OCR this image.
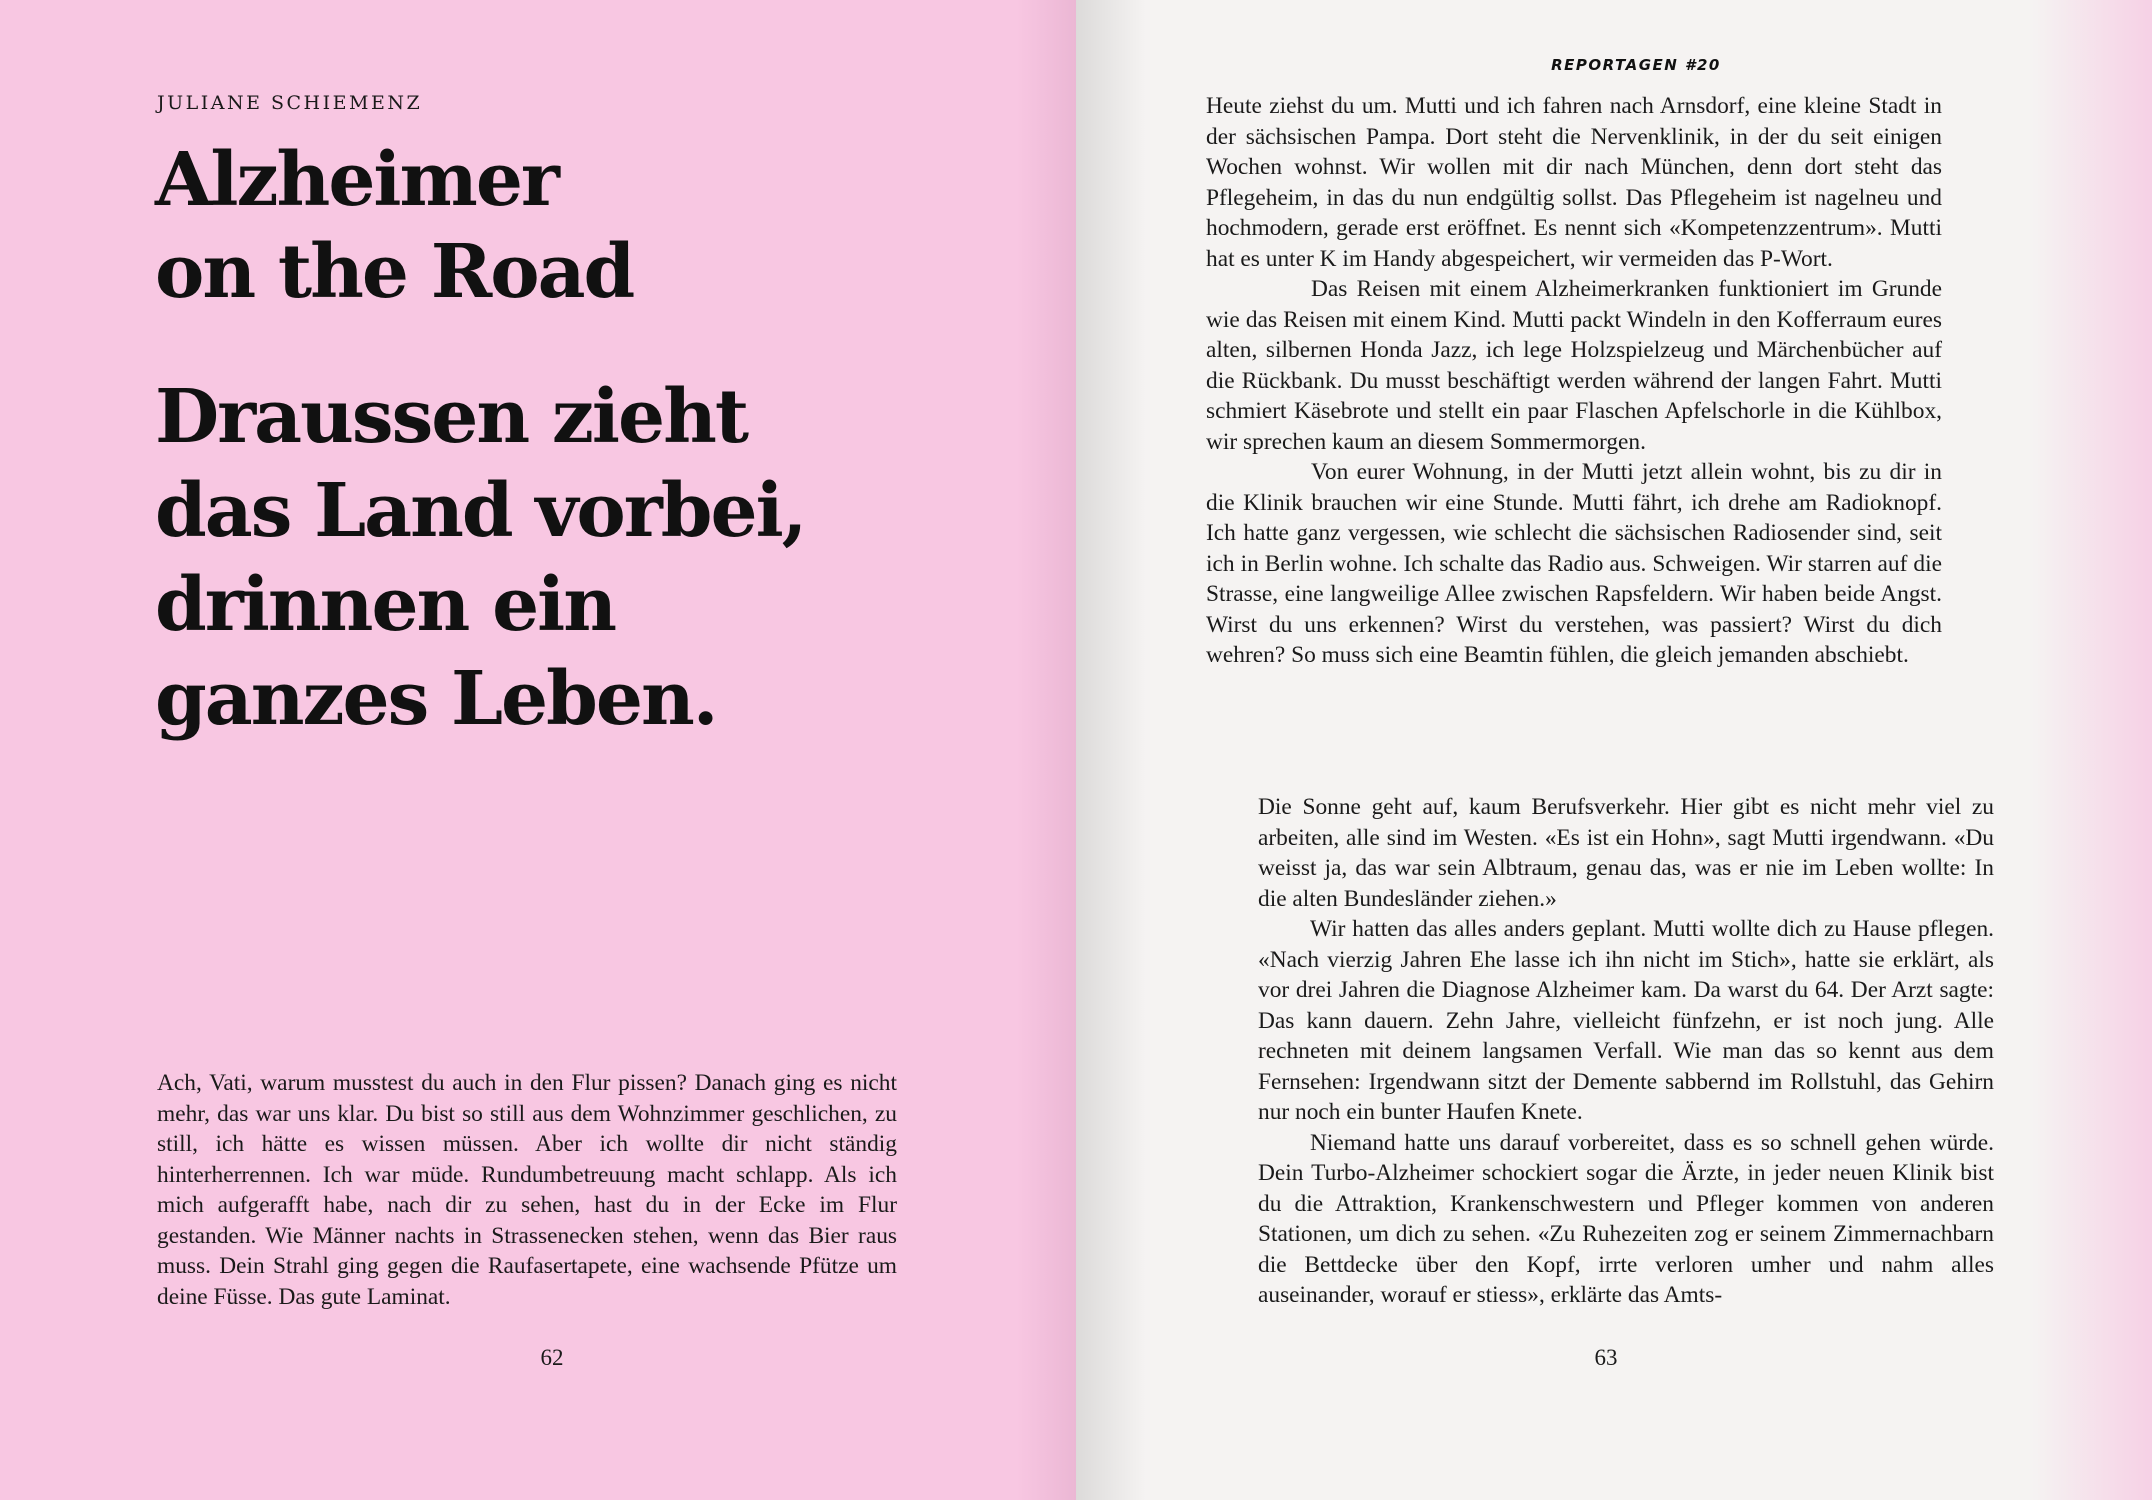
JULIANE SCHIEMENZ
Alzheimer
on the Road
Draussen zieht
das Land vorbei,
drinnen ein
ganzes Leben.

Ach, Vati, warum musstest du auch in den Flur pissen? Danach ging es nicht mehr, das war uns klar. Du bist so still aus dem Wohnzimmer geschlichen, zu still, ich hätte es wissen müssen. Aber ich wollte dir nicht ständig hinterherrennen. Ich war müde. Rundumbetreuung macht schlapp. Als ich mich aufgerafft habe, nach dir zu sehen, hast du in der Ecke im Flur gestanden. Wie Männer nachts in Strassenecken stehen, wenn das Bier raus muss. Dein Strahl ging gegen die Raufasertapete, eine wachsende Pfütze um deine Füsse. Das gute Laminat.

62
REPORTAGEN #20

Heute ziehst du um. Mutti und ich fahren nach Arnsdorf, eine kleine Stadt in der sächsischen Pampa. Dort steht die Nervenklinik, in der du seit einigen Wochen wohnst. Wir wollen mit dir nach München, denn dort steht das Pflegeheim, in das du nun endgültig sollst. Das Pflegeheim ist nagelneu und hochmodern, gerade erst eröffnet. Es nennt sich «Kompetenzzentrum». Mutti hat es unter K im Handy abgespeichert, wir vermeiden das P-Wort.

Das Reisen mit einem Alzheimerkranken funktioniert im Grunde wie das Reisen mit einem Kind. Mutti packt Windeln in den Kofferraum eures alten, silbernen Honda Jazz, ich lege Holzspielzeug und Märchenbücher auf die Rückbank. Du musst beschäftigt werden während der langen Fahrt. Mutti schmiert Käsebrote und stellt ein paar Flaschen Apfelschorle in die Kühlbox, wir sprechen kaum an diesem Sommermorgen.

Von eurer Wohnung, in der Mutti jetzt allein wohnt, bis zu dir in die Klinik brauchen wir eine Stunde. Mutti fährt, ich drehe am Radioknopf. Ich hatte ganz vergessen, wie schlecht die sächsischen Radiosender sind, seit ich in Berlin wohne. Ich schalte das Radio aus. Schweigen. Wir starren auf die Strasse, eine langweilige Allee zwischen Rapsfeldern. Wir haben beide Angst. Wirst du uns erkennen? Wirst du verstehen, was passiert? Wirst du dich wehren? So muss sich eine Beamtin fühlen, die gleich jemanden abschiebt.

Die Sonne geht auf, kaum Berufsverkehr. Hier gibt es nicht mehr viel zu arbeiten, alle sind im Westen. «Es ist ein Hohn», sagt Mutti irgendwann. «Du weisst ja, das war sein Albtraum, genau das, was er nie im Leben wollte: In die alten Bundesländer ziehen.»

Wir hatten das alles anders geplant. Mutti wollte dich zu Hause pflegen. «Nach vierzig Jahren Ehe lasse ich ihn nicht im Stich», hatte sie erklärt, als vor drei Jahren die Diagnose Alzheimer kam. Da warst du 64. Der Arzt sagte: Das kann dauern. Zehn Jahre, vielleicht fünfzehn, er ist noch jung. Alle rechneten mit deinem langsamen Verfall. Wie man das so kennt aus dem Fernsehen: Irgendwann sitzt der Demente sabbernd im Rollstuhl, das Gehirn nur noch ein bunter Haufen Knete.

Niemand hatte uns darauf vorbereitet, dass es so schnell gehen würde. Dein Turbo-Alzheimer schockiert sogar die Ärzte, in jeder neuen Klinik bist du die Attraktion, Krankenschwestern und Pfleger kommen von anderen Stationen, um dich zu sehen. «Zu Ruhezeiten zog er seinem Zimmernachbarn die Bettdecke über den Kopf, irrte verloren umher und nahm alles auseinander, worauf er stiess», erklärte das Amts-

63
